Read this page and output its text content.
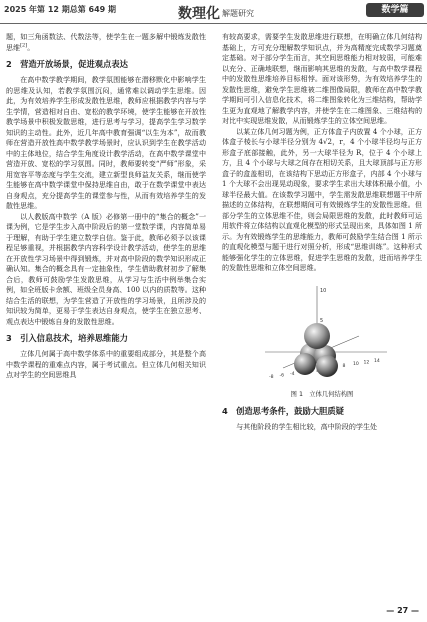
2025 年第 12 期总第 649 期	数理化 解题研究	数学篇

题，如三角函数法、代数法等，使学生在一题多解中锻炼发散性思维[2]。

2　营造开放场景，促进观点表达

在高中数学教学期间，教学氛围能够在潜移默化中影响学生的思维及认知，若教学氛围沉闷，通常难以调动学生思维。因此，为有效培养学生形成发散性思维，教师应根据教学内容与学生学情，营造相对自由、宽松的教学环境，使学生能够在开放性教学场景中积极发散思维，进行思考与学习，提高学生学习数学知识的主动性。此外，近几年高中教育强调“以生为本”，故而教师在营造开放性高中数学教学场景时，应认识到学生在教学活动中的主体地位，结合学生角度设计教学活动，在高中数学课堂中营造开放、宽松的学习氛围。同时，教师要转变“严师”形象，采用宽容平等态度与学生交流，建立新型良师益友关系，继而使学生能够在高中数学课堂中保持思维自由，敢于在数学课堂中表达自身观点，充分提高学生的课堂参与性，从而有效培养学生的发散性思维。

以人教版高中数学（A 版）必修第一册中的“集合的概念”一课为例，它是学生步入高中阶段后的第一堂数学课，内容简单易于理解，有助于学生建立数学自信。鉴于此，教师必须予以该课程足够重视，并根据教学内容科学设计教学活动，使学生的思维在开放性学习场景中得到锻炼，并对高中阶段的数学知识形成正确认知。集合的概念具有一定抽象性，学生借助教材初步了解集合后，教师可鼓励学生发散思维，从学习与生活中例举集合实例，如全班版卡余额、班级全员身高、100 以内的质数等。这种结合生活的联想，为学生营造了开放性的学习场景，且所涉及的知识较为简单，更易于学生表达自身观点，使学生在独立思考、观点表达中锻炼自身的发散性思维。

3　引入信息技术，培养思维能力

立体几何属于高中数学体系中的重要组成部分，其是整个高中数学课程的重难点内容，属于考试重点。但立体几何相关知识点对学生的空间思维具

有较高要求，需要学生发散思维进行联想，在明确立体几何结构基础上，方可充分理解数学知识点，并为高精度完成数学习题奠定基础。对于部分学生而言，其空间思维能力相对较弱，可能难以充分、正确地联想，继而影响其思维的发散，与高中数学课程中的发散性思维培养目标相悖。面对该形势，为有效培养学生的发散性思维，避免学生思维被二维图像局限，教师在高中数学教学期间可引入信息化技术，将二维图象转化为三维结构，帮助学生更为直观地了解教学内容，并使学生在二维图象、三维结构的对比中实现思维发散，从而锻炼学生的立体空间思维。

以某立体几何习题为例，正方体盒子内放置 4 个小球，正方体盒子棱长与小球半径分别为 4√2，r，4 个小球半径均与正方形盒子底部接触，此外，另一大球半径为 R，位于 4 个小球上方，且 4 个小球与大球之间存在相切关系，且大球顶部与正方形盒子的盒盖相切，在该结构下思动正方形盒子，内部 4 个小球与 1 个大球不会出现晃动现象，要求学生求出大球体积最小值，小球半径最大值。在该数学习题中，学生需发散思维联想题干中所描述的立体结构，在联想期间可有效锻炼学生的发散性思维。但部分学生的立体思维不佳，则会局限思维的发散，此时教师可运用软件将立体结构以直观化模型的形式呈现出来，具体如图 1 所示。为有效锻炼学生的思维能力，教师可鼓励学生结合图 1 所示的直观化模型与题干进行对照分析，形成“思维训练”。这种形式能够强化学生的立体思维，促进学生思维的发散，进而培养学生的发散性思维和立体空间思维。

10
5
-8 -6 -4
8 10 12 14
图 1　立体几何结构图
4　创造思考条件，鼓励大胆质疑

与其他阶段的学生相比较，高中阶段的学生处

— 27 —
